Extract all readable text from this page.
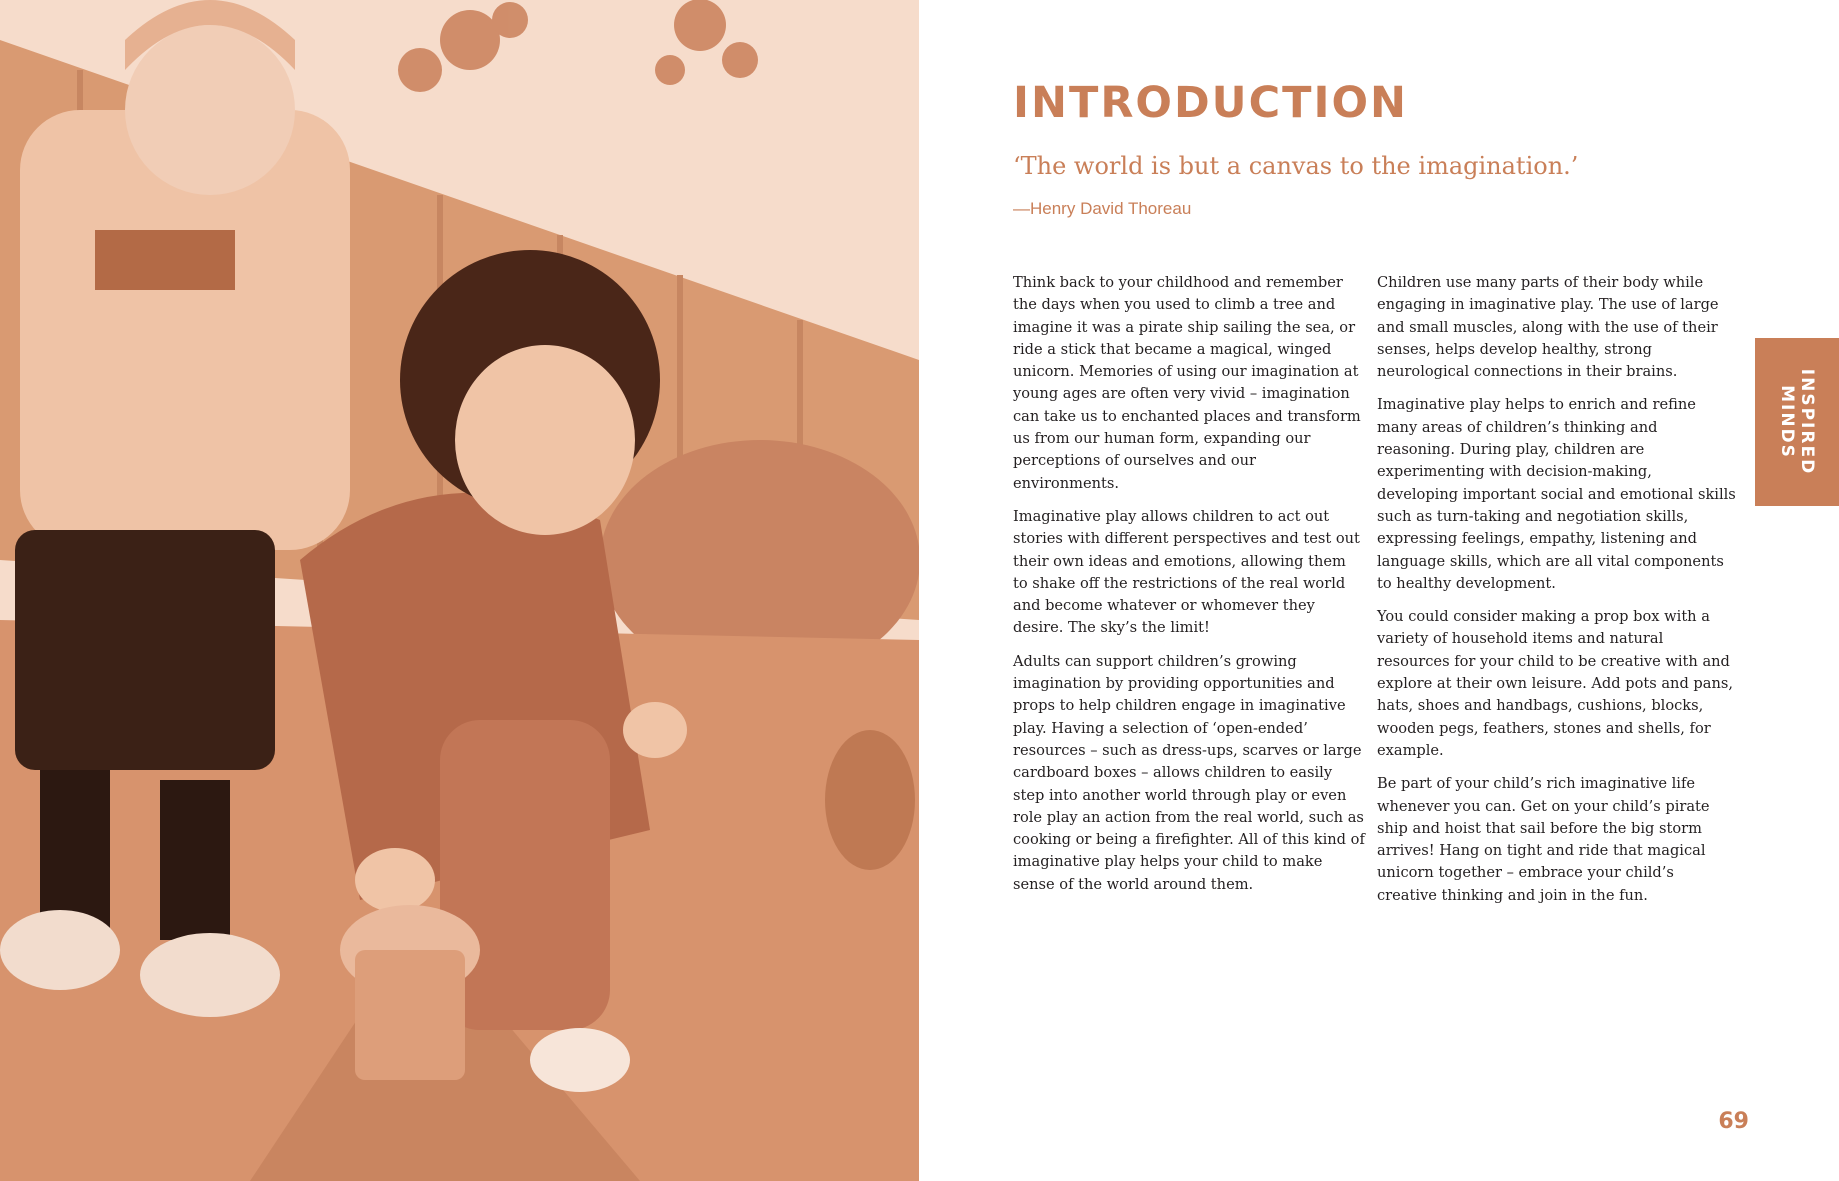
INTRODUCTION

‘The world is but a canvas to the imagination.’

—Henry David Thoreau

Think back to your childhood and remember the days when you used to climb a tree and imagine it was a pirate ship sailing the sea, or ride a stick that became a magical, winged unicorn. Memories of using our imagination at young ages are often very vivid – imagination can take us to enchanted places and transform us from our human form, expanding our perceptions of ourselves and our environments.

Imaginative play allows children to act out stories with different perspectives and test out their own ideas and emotions, allowing them to shake off the restrictions of the real world and become whatever or whomever they desire. The sky’s the limit!

Adults can support children’s growing imagination by providing opportunities and props to help children engage in imaginative play. Having a selection of ‘open-ended’ resources – such as dress-ups, scarves or large cardboard boxes – allows children to easily step into another world through play or even role play an action from the real world, such as cooking or being a firefighter. All of this kind of imaginative play helps your child to make sense of the world around them.

Children use many parts of their body while engaging in imaginative play. The use of large and small muscles, along with the use of their senses, helps develop healthy, strong neurological connections in their brains.

Imaginative play helps to enrich and refine many areas of children’s thinking and reasoning. During play, children are experimenting with decision-making, developing important social and emotional skills such as turn-taking and negotiation skills, expressing feelings, empathy, listening and language skills, which are all vital components to healthy development.

You could consider making a prop box with a variety of household items and natural resources for your child to be creative with and explore at their own leisure. Add pots and pans, hats, shoes and handbags, cushions, blocks, wooden pegs, feathers, stones and shells, for example.

Be part of your child’s rich imaginative life whenever you can. Get on your child’s pirate ship and hoist that sail before the big storm arrives! Hang on tight and ride that magical unicorn together – embrace your child’s creative thinking and join in the fun.

INSPIRED
MINDS
69
